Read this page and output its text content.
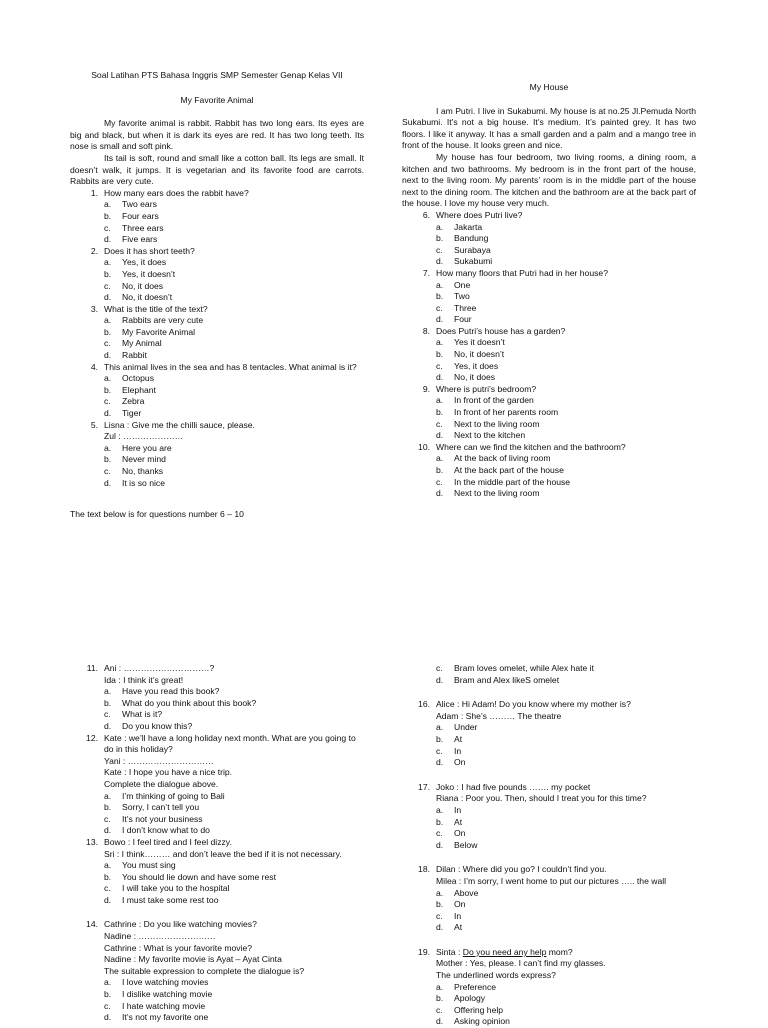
Soal Latihan PTS Bahasa Inggris SMP Semester Genap Kelas VII
My Favorite Animal
My favorite animal is rabbit. Rabbit has two long ears. Its eyes are big and black, but when it is dark its eyes are red. It has two long teeth. Its nose is small and soft pink.
Its tail is soft, round and small like a cotton ball. Its legs are small. It doesn’t walk, it jumps. It is vegetarian and its favorite food are carrots. Rabbits are very cute.
1. How many ears does the rabbit have?
a.	Two ears
b.	Four ears
c.	Three ears
d.	Five ears
2. Does it has short teeth?
a.	Yes, it does
b.	Yes, it doesn’t
c.	No, it does
d.	No, it doesn’t
3. What is the title of the text?
a.	Rabbits are very cute
b.	My Favorite Animal
c.	My Animal
d.	Rabbit
4. This animal lives in the sea and has 8 tentacles. What animal is it?
a.	Octopus
b.	Elephant
c.	Zebra
d.	Tiger
5. Lisna : Give me the chilli sauce, please.
Zul : …………………
a.	Here you are
b.	Never mind
c.	No, thanks
d.	It is so nice
The text below is for questions number 6 – 10
My House
I am Putri. I live in Sukabumi. My house is at no.25 Jl.Pemuda North Sukabumi. It’s not a big house. It’s medium. It’s painted grey. It has two floors. I like it anyway. It has a small garden and a palm and a mango tree in front of the house. It looks green and nice.
My house has four bedroom, two living rooms, a dining room, a kitchen and two bathrooms. My bedroom is in the front part of the house, next to the living room. My parents’ room is in the middle part of the house next to the dining room. The kitchen and the bathroom are at the back part of the house. I love my house very much.
6. Where does Putri live?
a.	Jakarta
b.	Bandung
c.	Surabaya
d.	Sukabumi
7. How many floors that Putri had in her house?
a.	One
b.	Two
c.	Three
d.	Four
8. Does Putri’s house has a garden?
a.	Yes it doesn’t
b.	No, it doesn’t
c.	Yes, it does
d.	No, it does
9. Where is putri’s bedroom?
a.	In front of the garden
b.	In front of her parents room
c.	Next to the living room
d.	Next to the kitchen
10. Where can we find the kitchen and the bathroom?
a.	At the back of living room
b.	At the back part of the house
c.	In the middle part of the house
d.	Next to the living room
11. Ani : …………………………?
Ida : I think it’s great!
a.	Have you read this book?
b.	What do you think about this book?
c.	What is it?
d.	Do you know this?
12. Kate : we’ll have a long holiday next month. What are you going to do in this holiday?
Yani : …………………………
Kate : I hope you have a nice trip.
Complete the dialogue above.
a.	I’m thinking of going to Bali
b.	Sorry, I can’t tell you
c.	It’s not your business
d.	I don’t know what to do
13. Bowo : I feel tired and I feel dizzy.
Sri : I think……… and don’t leave the bed if it is not necessary.
a.	You must sing
b.	You should lie down and have some rest
c.	I will take you to the hospital
d.	I must take some rest too
14. Cathrine : Do you like watching movies?
Nadine : ………………………
Cathrine : What is your favorite movie?
Nadine : My favorite movie is Ayat – Ayat Cinta
The suitable expression to complete the dialogue is?
a.	I love watching movies
b.	I dislike watching movie
c.	I hate watching movie
d.	It’s not my favorite one
c.	Bram loves omelet, while Alex hate it
d.	Bram and Alex likeS omelet
16. Alice : Hi Adam! Do you know where my mother is?
Adam : She’s ……… The theatre
a.	Under
b.	At
c.	In
d.	On
17. Joko : I had five pounds ……. my pocket
Riana : Poor you. Then, should I treat you for this time?
a.	In
b.	At
c.	On
d.	Below
18. Dilan : Where did you go? I couldn’t find you.
Milea : I’m sorry, I went home to put our pictures ….. the wall
a.	Above
b.	On
c.	In
d.	At
19. Sinta : Do you need any help mom?
Mother : Yes, please. I can’t find my glasses.
The underlined words express?
a.	Preference
b.	Apology
c.	Offering help
d.	Asking opinion
